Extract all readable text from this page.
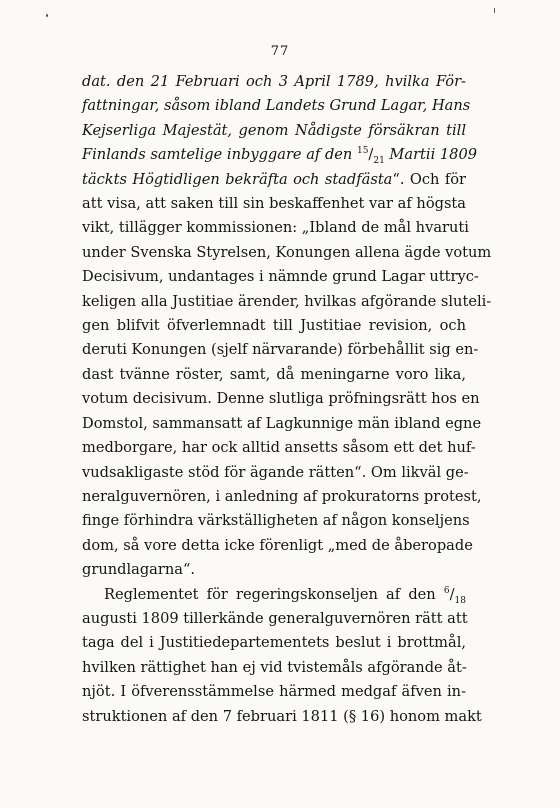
77
dat. den 21 Februari och 3 April 1789, hvilka För-
fattningar, såsom ibland Landets Grund Lagar, Hans
Kejserliga Majestät, genom Nådigste försäkran till
Finlands samtelige inbyggare af den $^{15}/_{21}$ Martii 1809
täckts Högtidligen bekräfta och stadfästa“. Och för
att visa, att saken till sin beskaffenhet var af högsta
vikt, tillägger kommissionen: „Ibland de mål hvaruti
under Svenska Styrelsen, Konungen allena ägde votum
Decisivum, undantages i nämnde grund Lagar uttryc-
keligen alla Justitiae ärender, hvilkas afgörande sluteli-
gen blifvit öfverlemnadt till Justitiae revision, och
deruti Konungen (sjelf närvarande) förbehållit sig en-
dast tvänne röster, samt, då meningarne voro lika,
votum decisivum. Denne slutliga pröfningsrätt hos en
Domstol, sammansatt af Lagkunnige män ibland egne
medborgare, har ock alltid ansetts såsom ett det huf-
vudsakligaste stöd för ägande rätten“. Om likväl ge-
neralguvernören, i anledning af prokuratorns protest,
finge förhindra värkställigheten af någon konseljens
dom, så vore detta icke förenligt „med de åberopade
grundlagarna“.
Reglementet för regeringskonseljen af den $^6/_{18}$
augusti 1809 tillerkände generalguvernören rätt att
taga del i Justitiedepartementets beslut i brottmål,
hvilken rättighet han ej vid tvistemåls afgörande åt-
njöt. I öfverensstämmelse härmed medgaf äfven in-
struktionen af den 7 februari 1811 (§ 16) honom makt
